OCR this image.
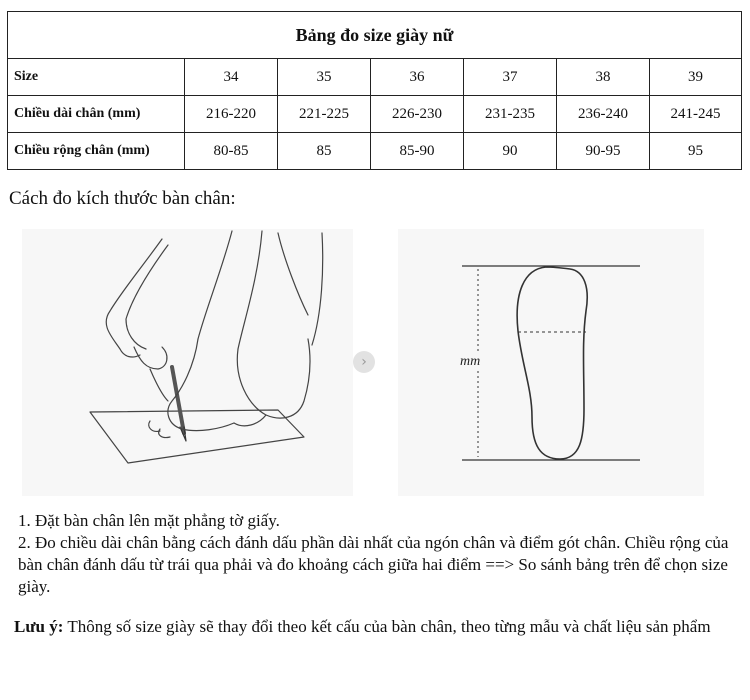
Bảng đo size giày nữ						
Size	34	35	36	37	38	39
Chiều dài chân (mm)	216-220	221-225	226-230	231-235	236-240	241-245
Chiều rộng chân (mm)	80-85	85	85-90	90	90-95	95
Cách đo kích thước bàn chân:
›	mm

1. Đặt bàn chân lên mặt phẳng tờ giấy.

2. Đo chiều dài chân bằng cách đánh dấu phần dài nhất của ngón chân và điểm gót chân. Chiều rộng của bàn chân đánh dấu từ trái qua phải và đo khoảng cách giữa hai điểm ==> So sánh bảng trên để chọn size giày.

Lưu ý: Thông số size giày sẽ thay đổi theo kết cấu của bàn chân, theo từng mẫu và chất liệu sản phẩm
